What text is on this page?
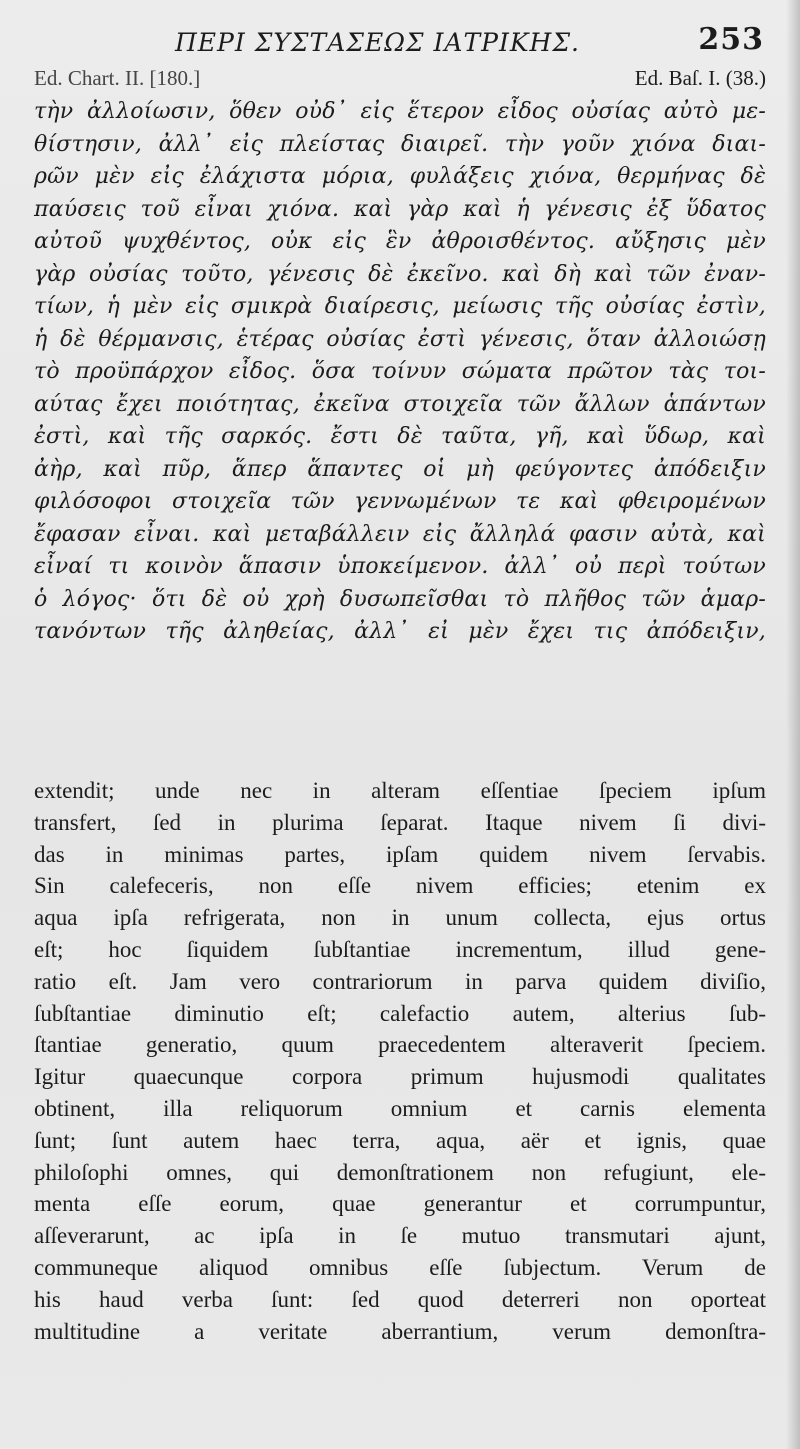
ΠΕΡΙ ΣΥΣΤΑΣΕΩΣ ΙΑΤΡΙΚΗΣ.	253
Ed. Chart. II. [180.]	Ed. Baſ. I. (38.)
τὴν ἀλλοίωσιν, ὅθεν οὐδ᾽ εἰς ἕτερον εἶδος οὐσίας αὐτὸ με-
θίστησιν, ἀλλ᾽ εἰς πλείστας διαιρεῖ. τὴν γοῦν χιόνα διαι-
ρῶν μὲν εἰς ἐλάχιστα μόρια, φυλάξεις χιόνα, θερμήνας δὲ
παύσεις τοῦ εἶναι χιόνα. καὶ γὰρ καὶ ἡ γένεσις ἐξ ὕδατος
αὐτοῦ ψυχθέντος, οὐκ εἰς ἓν ἀθροισθέντος. αὔξησις μὲν
γὰρ οὐσίας τοῦτο, γένεσις δὲ ἐκεῖνο. καὶ δὴ καὶ τῶν ἐναν-
τίων, ἡ μὲν εἰς σμικρὰ διαίρεσις, μείωσις τῆς οὐσίας ἐστὶν,
ἡ δὲ θέρμανσις, ἑτέρας οὐσίας ἐστὶ γένεσις, ὅταν ἀλλοιώσῃ
τὸ προϋπάρχον εἶδος. ὅσα τοίνυν σώματα πρῶτον τὰς τοι-
αύτας ἔχει ποιότητας, ἐκεῖνα στοιχεῖα τῶν ἄλλων ἁπάντων
ἐστὶ, καὶ τῆς σαρκός. ἔστι δὲ ταῦτα, γῆ, καὶ ὕδωρ, καὶ
ἀὴρ, καὶ πῦρ, ἅπερ ἅπαντες οἱ μὴ φεύγοντες ἀπόδειξιν
φιλόσοφοι στοιχεῖα τῶν γεννωμένων τε καὶ φθειρομένων
ἔφασαν εἶναι. καὶ μεταβάλλειν εἰς ἄλληλά φασιν αὐτὰ, καὶ
εἶναί τι κοινὸν ἅπασιν ὑποκείμενον. ἀλλ᾽ οὐ περὶ τούτων
ὁ λόγος· ὅτι δὲ οὐ χρὴ δυσωπεῖσθαι τὸ πλῆθος τῶν ἁμαρ-
τανόντων τῆς ἀληθείας, ἀλλ᾽ εἰ μὲν ἔχει τις ἀπόδειξιν,
extendit; unde nec in alteram eſſentiae ſpeciem ipſum
transfert, ſed in plurima ſeparat. Itaque nivem ſi divi-
das in minimas partes, ipſam quidem nivem ſervabis.
Sin calefeceris, non eſſe nivem efficies; etenim ex
aqua ipſa refrigerata, non in unum collecta, ejus ortus
eſt; hoc ſiquidem ſubſtantiae incrementum, illud gene-
ratio eſt. Jam vero contrariorum in parva quidem diviſio,
ſubſtantiae diminutio eſt; calefactio autem, alterius ſub-
ſtantiae generatio, quum praecedentem alteraverit ſpeciem.
Igitur quaecunque corpora primum hujusmodi qualitates
obtinent, illa reliquorum omnium et carnis elementa
ſunt; ſunt autem haec terra, aqua, aër et ignis, quae
philoſophi omnes, qui demonſtrationem non refugiunt, ele-
menta eſſe eorum, quae generantur et corrumpuntur,
aſſeverarunt, ac ipſa in ſe mutuo transmutari ajunt,
communeque aliquod omnibus eſſe ſubjectum. Verum de
his haud verba ſunt: ſed quod deterreri non oporteat
multitudine a veritate aberrantium, verum demonſtra-
